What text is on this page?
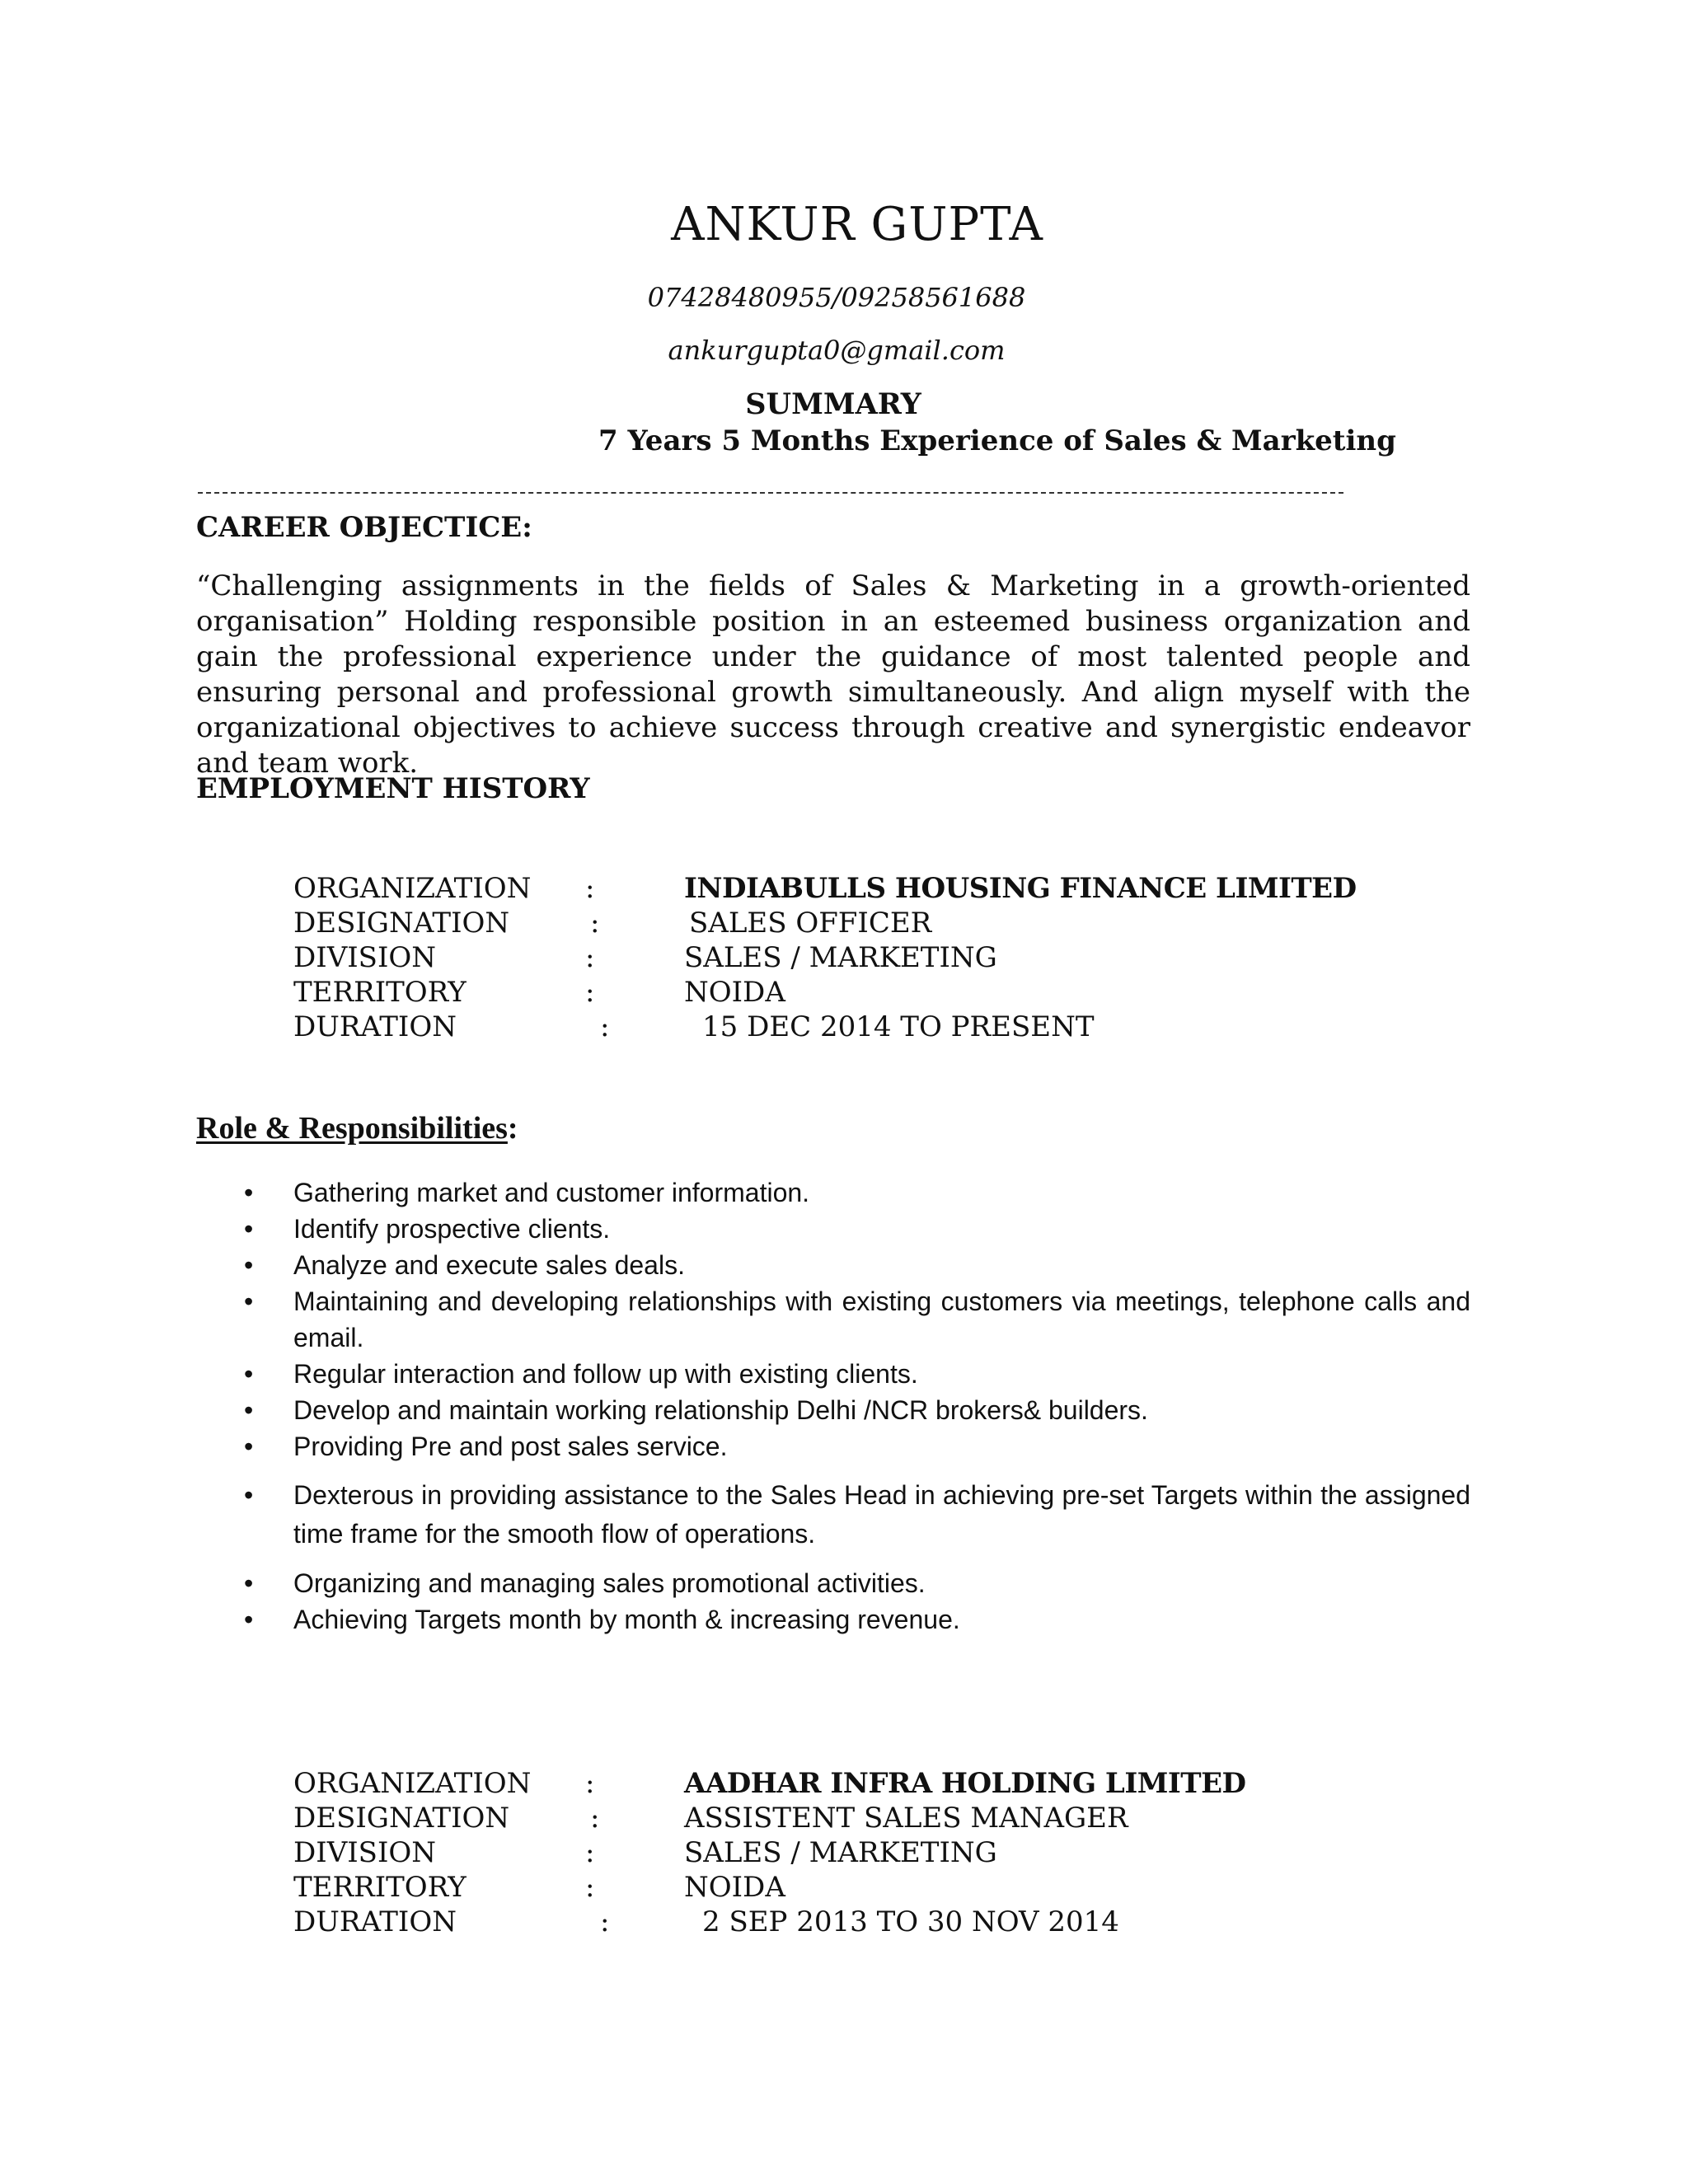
ANKUR GUPTA
07428480955/09258561688
ankurgupta0@gmail.com
SUMMARY
7 Years 5 Months Experience of Sales & Marketing
CAREER OBJECTICE:
“Challenging assignments in the fields of Sales & Marketing in a growth-oriented organisation” Holding responsible position in an esteemed business organization and gain the professional experience under the guidance of most talented people and ensuring personal and professional growth simultaneously. And align myself with the organizational objectives to achieve success through creative and synergistic endeavor and team work.
EMPLOYMENT HISTORY
ORGANIZATION :	INDIABULLS HOUSING FINANCE LIMITED
DESIGNATION	:	SALES OFFICER
DIVISION	:	SALES / MARKETING
TERRITORY	:	NOIDA
DURATION	:	15 DEC 2014 TO PRESENT
Role & Responsibilities:
• Gathering market and customer information.
• Identify prospective clients.
• Analyze and execute sales deals.
• Maintaining and developing relationships with existing customers via meetings, telephone calls and email.
• Regular interaction and follow up with existing clients.
• Develop and maintain working relationship Delhi /NCR brokers& builders.
• Providing Pre and post sales service.
• Dexterous in providing assistance to the Sales Head in achieving pre-set Targets within the assigned time frame for the smooth flow of operations.
• Organizing and managing sales promotional activities.
• Achieving Targets month by month & increasing revenue.
ORGANIZATION :	AADHAR INFRA HOLDING LIMITED
DESIGNATION	:	ASSISTENT SALES MANAGER
DIVISION	:	SALES / MARKETING
TERRITORY	:	NOIDA
DURATION	:	2 SEP 2013 TO 30 NOV 2014
